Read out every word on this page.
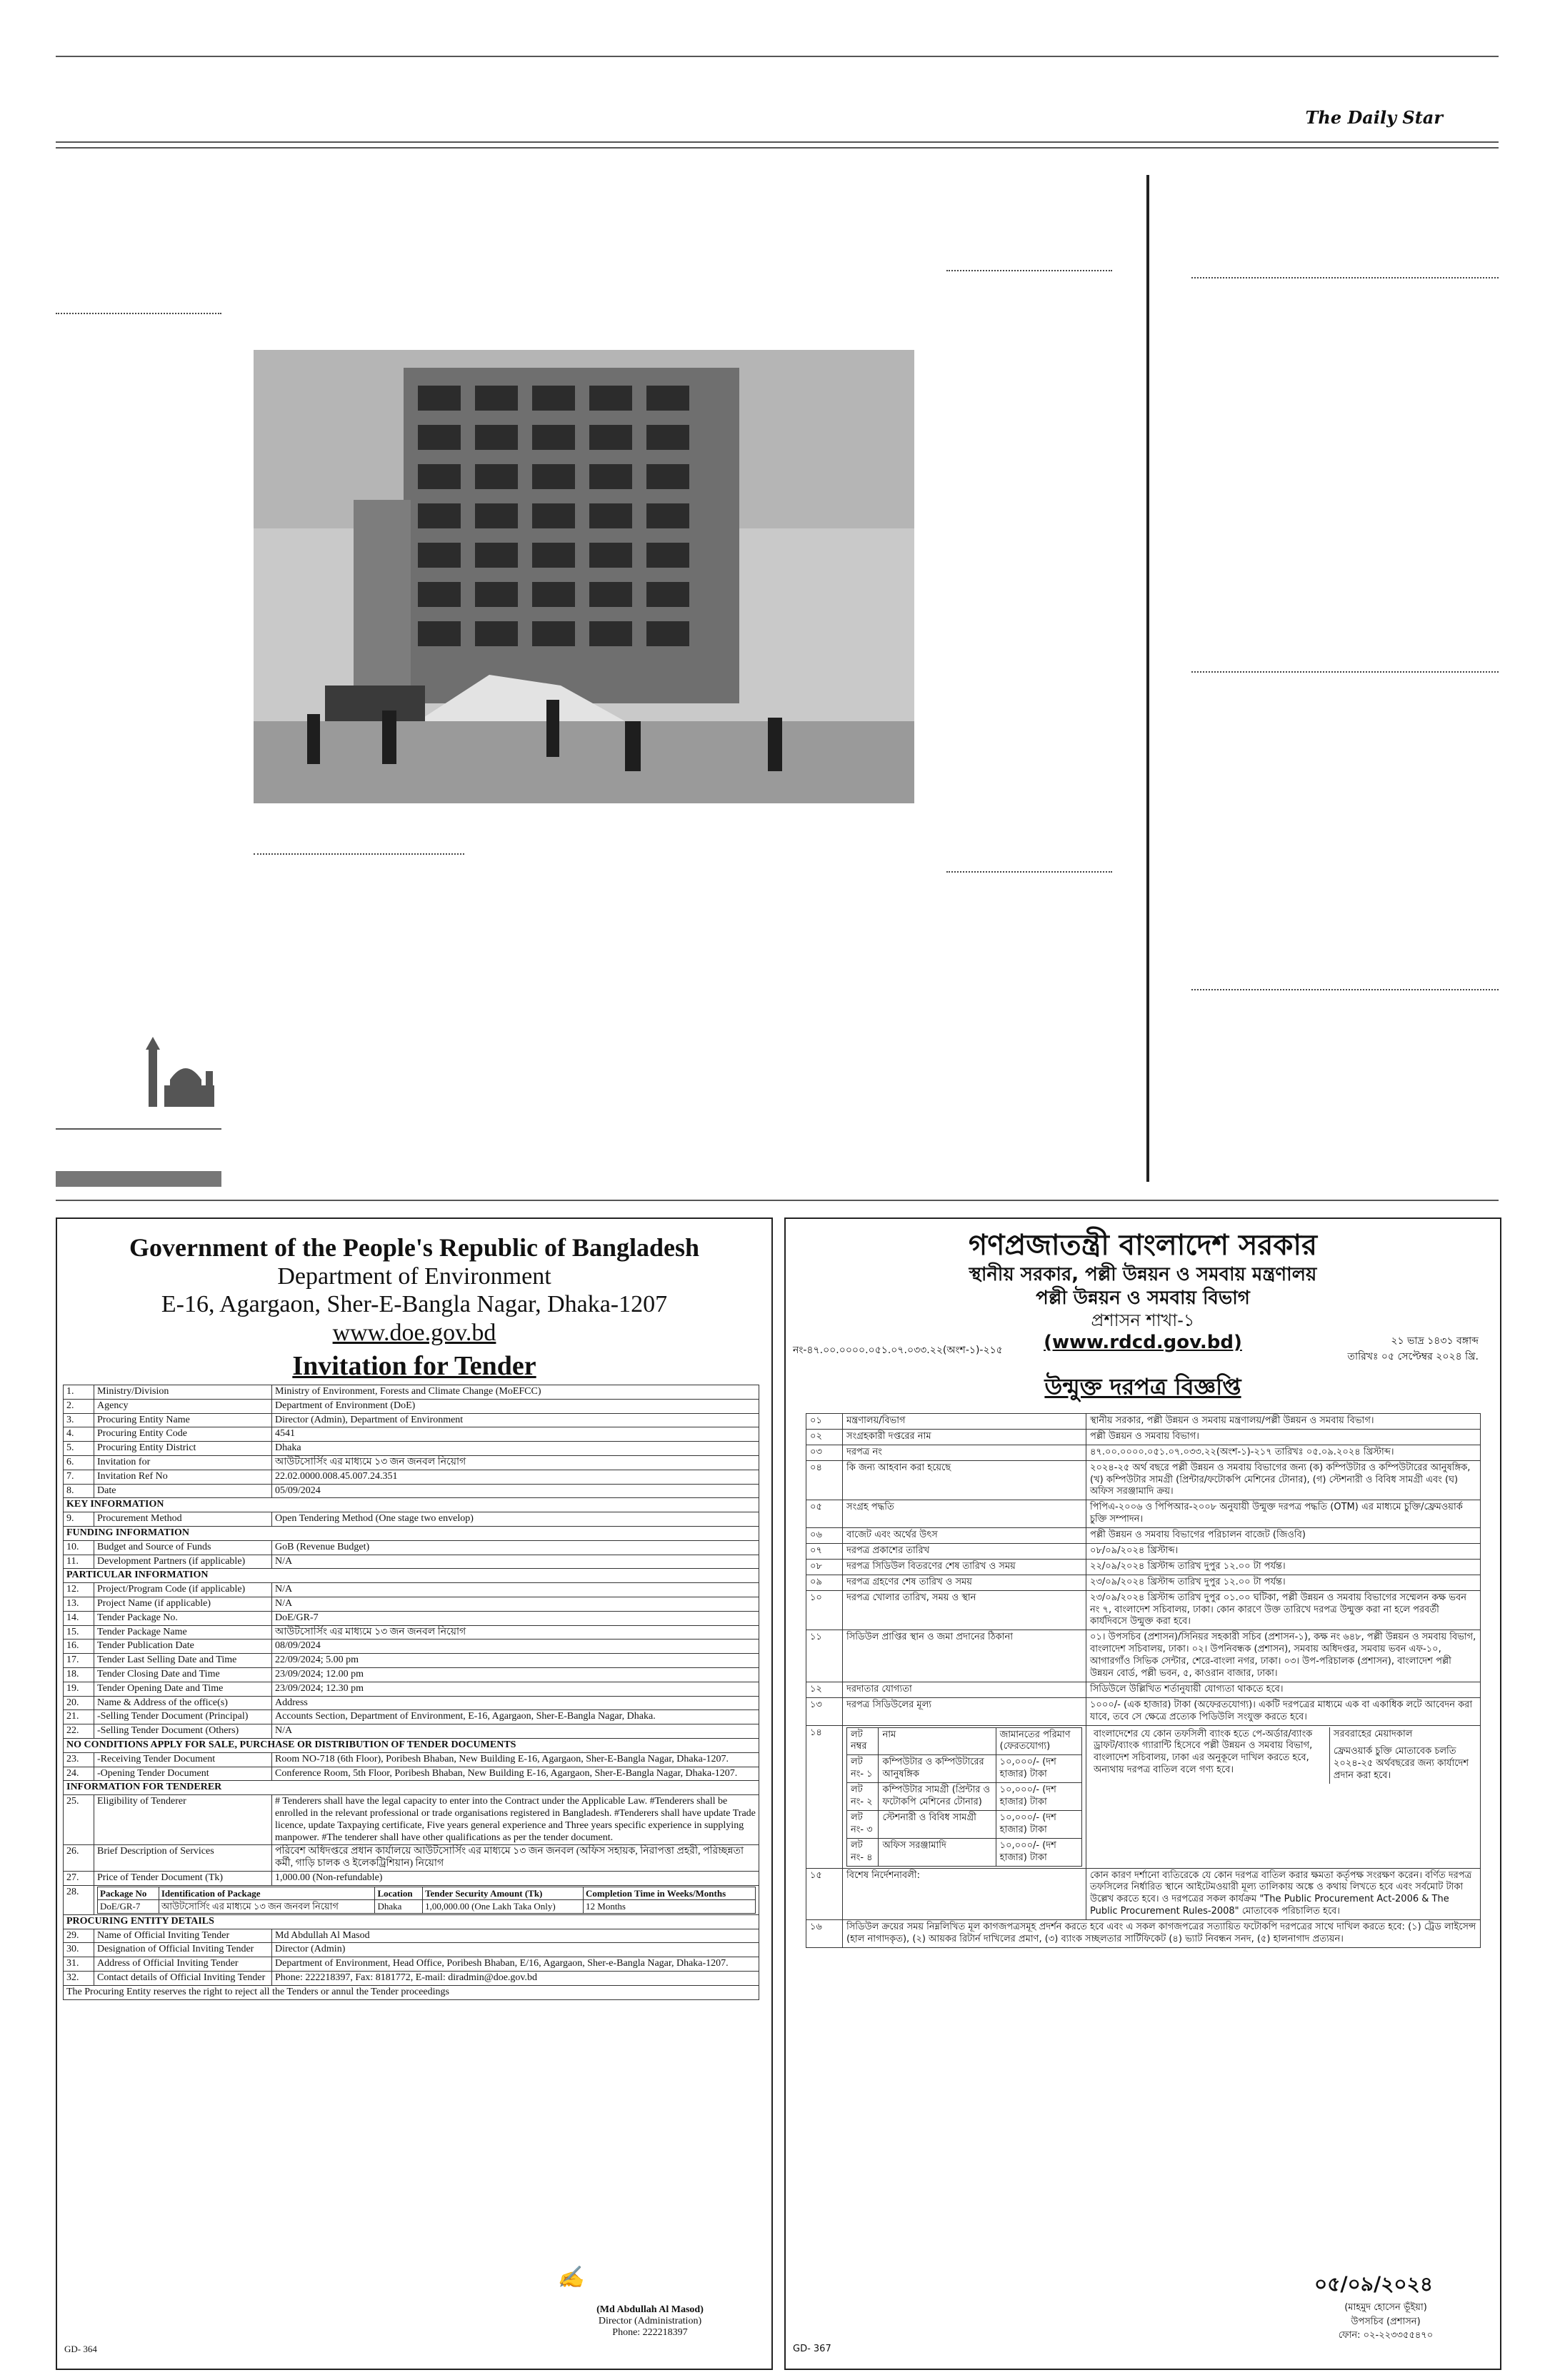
The Daily Star
Government of the People's Republic of Bangladesh
Department of Environment
E-16, Agargaon, Sher-E-Bangla Nagar, Dhaka-1207
www.doe.gov.bd
Invitation for Tender
1.	Ministry/Division	Ministry of Environment, Forests and Climate Change (MoEFCC)
2.	Agency	Department of Environment (DoE)
3.	Procuring Entity Name	Director (Admin), Department of Environment
4.	Procuring Entity Code	4541
5.	Procuring Entity District	Dhaka
6.	Invitation for	আউটসোর্সিং এর মাধ্যমে ১৩ জন জনবল নিয়োগ
7.	Invitation Ref No	22.02.0000.008.45.007.24.351
8.	Date	05/09/2024
KEY INFORMATION
9.	Procurement Method	Open Tendering Method (One stage two envelop)
FUNDING INFORMATION
10.	Budget and Source of Funds	GoB (Revenue Budget)
11.	Development Partners (if applicable)	N/A
PARTICULAR INFORMATION
12.	Project/Program Code (if applicable)	N/A
13.	Project Name (if applicable)	N/A
14.	Tender Package No.	DoE/GR-7
15.	Tender Package Name	আউটসোর্সিং এর মাধ্যমে ১৩ জন জনবল নিয়োগ
16.	Tender Publication Date	08/09/2024
17.	Tender Last Selling Date and Time	22/09/2024; 5.00 pm
18.	Tender Closing Date and Time	23/09/2024; 12.00 pm
19.	Tender Opening Date and Time	23/09/2024; 12.30 pm
20.	Name & Address of the office(s)	Address
21.	-Selling Tender Document (Principal)	Accounts Section, Department of Environment, E-16, Agargaon, Sher-E-Bangla Nagar, Dhaka.
22.	-Selling Tender Document (Others)	N/A
NO CONDITIONS APPLY FOR SALE, PURCHASE OR DISTRIBUTION OF TENDER DOCUMENTS
23.	-Receiving Tender Document	Room NO-718 (6th Floor), Poribesh Bhaban, New Building E-16, Agargaon, Sher-E-Bangla Nagar, Dhaka-1207.
24.	-Opening Tender Document	Conference Room, 5th Floor, Poribesh Bhaban, New Building E-16, Agargaon, Sher-E-Bangla Nagar, Dhaka-1207.
INFORMATION FOR TENDERER
25.	Eligibility of Tenderer	# Tenderers shall have the legal capacity to enter into the Contract under the Applicable Law. #Tenderers shall be enrolled in the relevant professional or trade organisations registered in Bangladesh. #Tenderers shall have update Trade licence, update Taxpaying certificate, Five years general experience and Three years specific experience in supplying manpower. #The tenderer shall have other qualifications as per the tender document.
26.	Brief Description of Services	পরিবেশ অধিদপ্তরে প্রধান কার্যালয়ে আউটসোর্সিং এর মাধ্যমে ১৩ জন জনবল (অফিস সহায়ক, নিরাপত্তা প্রহরী, পরিচ্ছন্নতা কর্মী, গাড়ি চালক ও ইলেকট্রিশিয়ান) নিয়োগ
27.	Price of Tender Document (Tk)	1,000.00 (Non-refundable)
28.	Package No	Identification of Package	Location	Tender Security Amount (Tk)	Completion Time in Weeks/Months
DoE/GR-7	আউটসোর্সিং এর মাধ্যমে ১৩ জন জনবল নিয়োগ	Dhaka	1,00,000.00 (One Lakh Taka Only)	12 Months

PROCURING ENTITY DETAILS
29.	Name of Official Inviting Tender	Md Abdullah Al Masod
30.	Designation of Official Inviting Tender	Director (Admin)
31.	Address of Official Inviting Tender	Department of Environment, Head Office, Poribesh Bhaban, E/16, Agargaon, Sher-e-Bangla Nagar, Dhaka-1207.
32.	Contact details of Official Inviting Tender	Phone: 222218397, Fax: 8181772, E-mail: diradmin@doe.gov.bd
The Procuring Entity reserves the right to reject all the Tenders or annul the Tender proceedings
✍
(Md Abdullah Al Masod)
Director (Administration)
Phone: 222218397
GD- 364
গণপ্রজাতন্ত্রী বাংলাদেশ সরকার
স্থানীয় সরকার, পল্লী উন্নয়ন ও সমবায় মন্ত্রণালয়
পল্লী উন্নয়ন ও সমবায় বিভাগ
প্রশাসন শাখা-১
(www.rdcd.gov.bd)	২১ ভাদ্র ১৪৩১ বঙ্গাব্দ
তারিখঃ ০৫ সেপ্টেম্বর ২০২৪ খ্রি.
নং-৪৭.০০.০০০০.০৫১.০৭.০৩৩.২২(অংশ-১)-২১৫
উন্মুক্ত দরপত্র বিজ্ঞপ্তি
০১	মন্ত্রণালয়/বিভাগ	স্থানীয় সরকার, পল্লী উন্নয়ন ও সমবায় মন্ত্রণালয়/পল্লী উন্নয়ন ও সমবায় বিভাগ।
০২	সংগ্রহকারী দপ্তরের নাম	পল্লী উন্নয়ন ও সমবায় বিভাগ।
০৩	দরপত্র নং	৪৭.০০.০০০০.০৫১.০৭.০৩৩.২২(অংশ-১)-২১৭ তারিখঃ ০৫.০৯.২০২৪ খ্রিস্টাব্দ।
০৪	কি জন্য আহবান করা হয়েছে	২০২৪-২৫ অর্থ বছরে পল্লী উন্নয়ন ও সমবায় বিভাগের জন্য (ক) কম্পিউটার ও কম্পিউটারের আনুষঙ্গিক, (খ) কম্পিউটার সামগ্রী (প্রিন্টার/ফটোকপি মেশিনের টোনার), (গ) স্টেশনারী ও বিবিধ সামগ্রী এবং (ঘ) অফিস সরঞ্জামাদি ক্রয়।
০৫	সংগ্রহ পদ্ধতি	পিপিএ-২০০৬ ও পিপিআর-২০০৮ অনুযায়ী উন্মুক্ত দরপত্র পদ্ধতি (OTM) এর মাধ্যমে চুক্তি/ফ্রেমওয়ার্ক চুক্তি সম্পাদন।
০৬	বাজেট এবং অর্থের উৎস	পল্লী উন্নয়ন ও সমবায় বিভাগের পরিচালন বাজেট (জিওবি)
০৭	দরপত্র প্রকাশের তারিখ	০৮/০৯/২০২৪ খ্রিস্টাব্দ।
০৮	দরপত্র সিডিউল বিতরণের শেষ তারিখ ও সময়	২২/০৯/২০২৪ খ্রিস্টাব্দ তারিখ দুপুর ১২.০০ টা পর্যন্ত।
০৯	দরপত্র গ্রহণের শেষ তারিখ ও সময়	২৩/০৯/২০২৪ খ্রিস্টাব্দ তারিখ দুপুর ১২.০০ টা পর্যন্ত।
১০	দরপত্র খোলার তারিখ, সময় ও স্থান	২৩/০৯/২০২৪ খ্রিস্টাব্দ তারিখ দুপুর ০১.০০ ঘটিকা, পল্লী উন্নয়ন ও সমবায় বিভাগের সম্মেলন কক্ষ ভবন নং ৭, বাংলাদেশ সচিবালয়, ঢাকা। কোন কারণে উক্ত তারিখে দরপত্র উন্মুক্ত করা না হলে পরবর্তী কার্যদিবসে উন্মুক্ত করা হবে।
১১	সিডিউল প্রাপ্তির স্থান ও জমা প্রদানের ঠিকানা	০১। উপসচিব (প্রশাসন)/সিনিয়র সহকারী সচিব (প্রশাসন-১), কক্ষ নং ৬৪৮, পল্লী উন্নয়ন ও সমবায় বিভাগ, বাংলাদেশ সচিবালয়, ঢাকা। ০২। উপনিবন্ধক (প্রশাসন), সমবায় অধিদপ্তর, সমবায় ভবন এফ-১০, আগারগাঁও সিভিক সেন্টার, শেরে-বাংলা নগর, ঢাকা। ০৩। উপ-পরিচালক (প্রশাসন), বাংলাদেশ পল্লী উন্নয়ন বোর্ড, পল্লী ভবন, ৫, কাওরান বাজার, ঢাকা।
১২	দরদাতার যোগ্যতা	সিডিউলে উল্লিখিত শর্তানুযায়ী যোগ্যতা থাকতে হবে।
১৩	দরপত্র সিডিউলের মূল্য	১০০০/- (এক হাজার) টাকা (অফেরতযোগ্য)। একটি দরপত্রের মাধ্যমে এক বা একাধিক লটে আবেদন করা যাবে, তবে সে ক্ষেত্রে প্রত্যেক পিডিউলি সংযুক্ত করতে হবে।
১৪		লট নম্বর	নাম	জামানতের পরিমাণ (ফেরতযোগ্য)
লট নং- ১	কম্পিউটার ও কম্পিউটারের আনুষঙ্গিক	১০,০০০/- (দশ হাজার) টাকা
লট নং- ২	কম্পিউটার সামগ্রী (প্রিন্টার ও ফটোকপি মেশিনের টোনার)	১০,০০০/- (দশ হাজার) টাকা
লট নং- ৩	স্টেশনারী ও বিবিধ সামগ্রী	১০,০০০/- (দশ হাজার) টাকা
লট নং- ৪	অফিস সরঞ্জামাদি	১০,০০০/- (দশ হাজার) টাকা

বাংলাদেশের যে কোন তফসিলী ব্যাংক হতে পে-অর্ডার/ব্যাংক ড্রাফট/ব্যাংক গ্যারান্টি হিসেবে পল্লী উন্নয়ন ও সমবায় বিভাগ, বাংলাদেশ সচিবালয়, ঢাকা এর অনুকূলে দাখিল করতে হবে, অন্যথায় দরপত্র বাতিল বলে গণ্য হবে।	
সরবরাহের মেয়াদকাল
ফ্রেমওয়ার্ক চুক্তি মোতাবেক চলতি ২০২৪-২৫ অর্থবছরের জন্য কার্যাদেশ প্রদান করা হবে।

১৫	বিশেষ নির্দেশনাবলী:	কোন কারণ দর্শানো ব্যতিরেকে যে কোন দরপত্র বাতিল করার ক্ষমতা কর্তৃপক্ষ সংরক্ষণ করেন। বর্ণিত দরপত্র তফসিলের নির্ধারিত স্থানে আইটেমওয়ারী মূল্য তালিকায় অঙ্কে ও কথায় লিখতে হবে এবং সর্বমোট টাকা উল্লেখ করতে হবে। ও দরপত্রের সকল কার্যক্রম "The Public Procurement Act-2006 & The Public Procurement Rules-2008" মোতাবেক পরিচালিত হবে।
১৬	সিডিউল ক্রয়ের সময় নিম্নলিখিত মূল কাগজপত্রসমূহ প্রদর্শন করতে হবে এবং এ সকল কাগজপত্রের সত্যায়িত ফটোকপি দরপত্রের সাথে দাখিল করতে হবে: (১) ট্রেড লাইসেন্স (হাল নাগাদকৃত), (২) আয়কর রিটার্ন দাখিলের প্রমাণ, (৩) ব্যাংক সচ্ছলতার সার্টিফিকেট (৪) ভ্যাট নিবন্ধন সনদ, (৫) হালনাগাদ প্রত্যয়ন।
০৫/০৯/২০২৪
(মাহমুদ হোসেন ভূঁইয়া)
উপসচিব (প্রশাসন)
ফোন: ০২-২২৩৩৫৫৪৭০
GD- 367
